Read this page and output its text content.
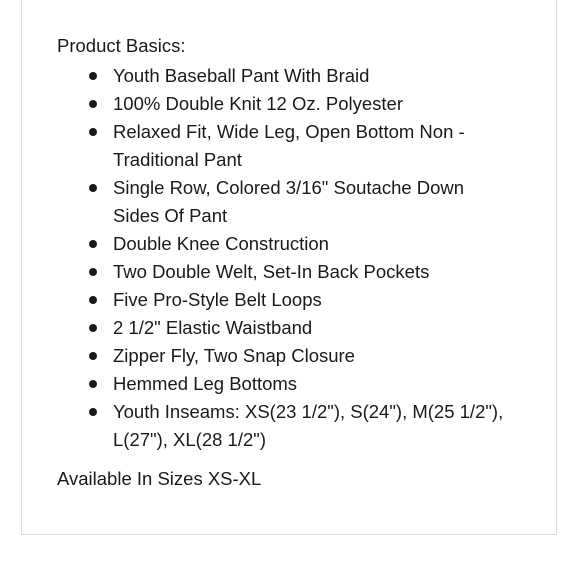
Product Basics:

Youth Baseball Pant With Braid
100% Double Knit 12 Oz. Polyester
Relaxed Fit, Wide Leg, Open Bottom Non - Traditional Pant
Single Row, Colored 3/16" Soutache Down Sides Of Pant
Double Knee Construction
Two Double Welt, Set-In Back Pockets
Five Pro-Style Belt Loops
2 1/2" Elastic Waistband
Zipper Fly, Two Snap Closure
Hemmed Leg Bottoms
Youth Inseams: XS(23 1/2"), S(24"), M(25 1/2"), L(27"), XL(28 1/2")

Available In Sizes XS-XL
